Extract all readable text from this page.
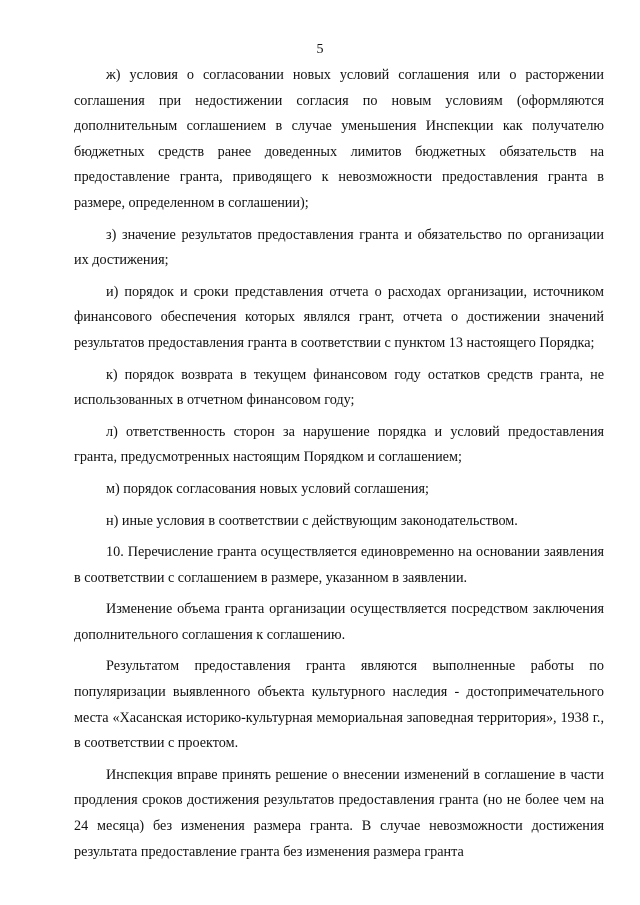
5

ж) условия о согласовании новых условий соглашения или о расторжении соглашения при недостижении согласия по новым условиям (оформляются дополнительным соглашением в случае уменьшения Инспекции как получателю бюджетных средств ранее доведенных лимитов бюджетных обязательств на предоставление гранта, приводящего к невозможности предоставления гранта в размере, определенном в соглашении);

з) значение результатов предоставления гранта и обязательство по организации их достижения;

и) порядок и сроки представления отчета о расходах организации, источником финансового обеспечения которых являлся грант, отчета о достижении значений результатов предоставления гранта в соответствии с пунктом 13 настоящего Порядка;

к) порядок возврата в текущем финансовом году остатков средств гранта, не использованных в отчетном финансовом году;

л) ответственность сторон за нарушение порядка и условий предоставления гранта, предусмотренных настоящим Порядком и соглашением;

м) порядок согласования новых условий соглашения;

н) иные условия в соответствии с действующим законодательством.

10. Перечисление гранта осуществляется единовременно на основании заявления в соответствии с соглашением в размере, указанном в заявлении.

Изменение объема гранта организации осуществляется посредством заключения дополнительного соглашения к соглашению.

Результатом предоставления гранта являются выполненные работы по популяризации выявленного объекта культурного наследия - достопримечательного места «Хасанская историко-культурная мемориальная заповедная территория», 1938 г., в соответствии с проектом.

Инспекция вправе принять решение о внесении изменений в соглашение в части продления сроков достижения результатов предоставления гранта (но не более чем на 24 месяца) без изменения размера гранта. В случае невозможности достижения результата предоставление гранта без изменения размера гранта
